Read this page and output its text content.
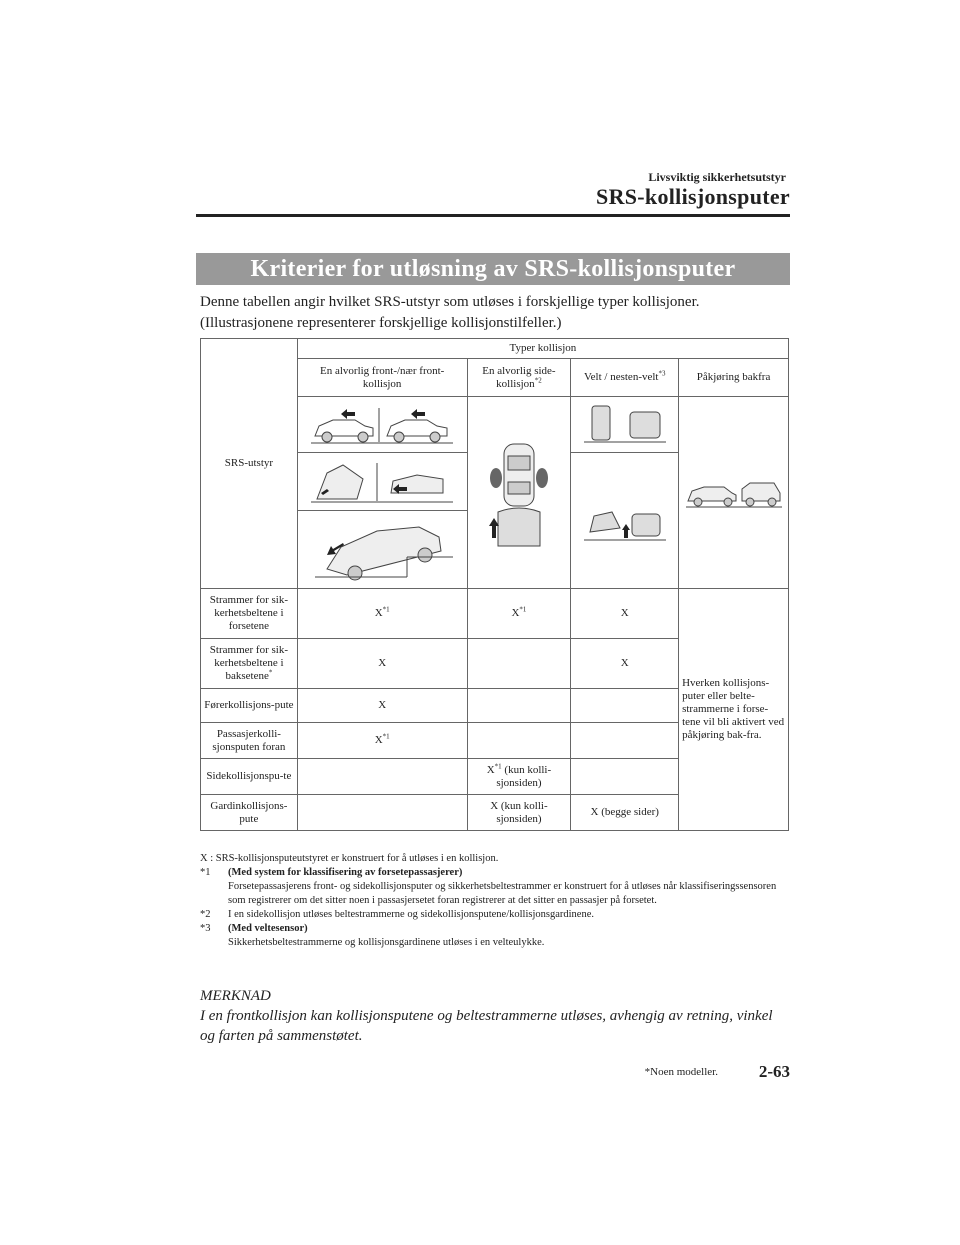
Livsviktig sikkerhetsutstyr
SRS-kollisjonsputer
Kriterier for utløsning av SRS-kollisjonsputer
Denne tabellen angir hvilket SRS-utstyr som utløses i forskjellige typer kollisjoner.
(Illustrasjonene representerer forskjellige kollisjonstilfeller.)
SRS-utstyr	Typer kollisjon			
	En alvorlig front-/nær front-kollisjon	En alvorlig side-kollisjon$^{*2}$	Velt / nesten-velt$^{*3}$	Påkjøring bakfra

Strammer for sik-kerhetsbeltene i forsetene	$X^{*1}$	$X^{*1}$	X	Hverken kollisjons-puter eller belte-strammerne i forse-tene vil bli aktivert ved påkjøring bak-fra.
Strammer for sik-kerhetsbeltene i baksetene*	X		X	
Førerkollisjons-pute	X			
Passasjerkolli-sjonsputen foran	$X^{*1}$		
Sidekollisjonspu-te		$X^{*1}$ (kun kolli-sjonsiden)		
Gardinkollisjons-pute		X (kun kolli-sjonsiden)	X (begge sider)	
X : SRS-kollisjonsputeutstyret er konstruert for å utløses i en kollisjon.
*1 (Med system for klassifisering av forsetepassasjerer)
Forsetepassasjerens front- og sidekollisjonsputer og sikkerhetsbeltestrammer er konstruert for å utløses når klassifiseringssensoren som registrerer om det sitter noen i passasjersetet foran registrerer at det sitter en passasjer på forsetet.
*2 I en sidekollisjon utløses beltestrammerne og sidekollisjonsputene/kollisjonsgardinene.
*3 (Med veltesensor)
Sikkerhetsbeltestrammerne og kollisjonsgardinene utløses i en velteulykke.
MERKNAD
I en frontkollisjon kan kollisjonsputene og beltestrammerne utløses, avhengig av retning, vinkel og farten på sammenstøtet.
*Noen modeller.	2-63
